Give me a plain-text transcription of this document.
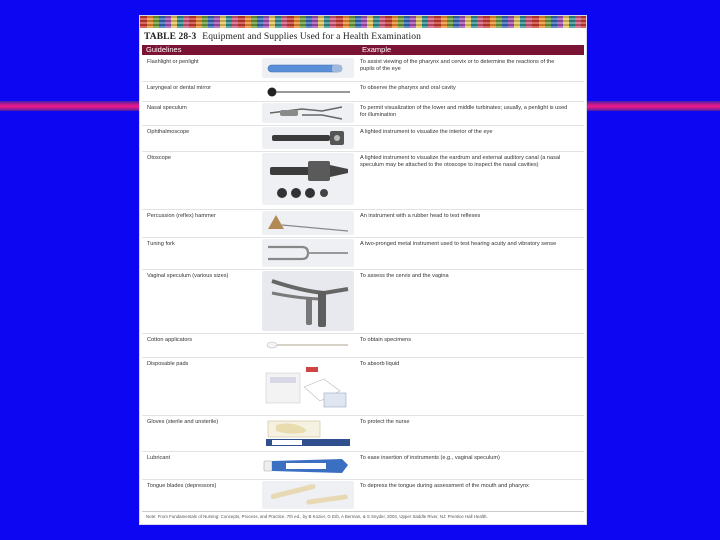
TABLE 28-3 Equipment and Supplies Used for a Health Examination
Guidelines	Example
Flashlight or penlight	To assist viewing of the pharynx and cervix or to determine the reactions of the pupils of the eye
Laryngeal or dental mirror	To observe the pharynx and oral cavity
Nasal speculum	To permit visualization of the lower and middle turbinates; usually, a penlight is used for illumination
Ophthalmoscope	A lighted instrument to visualize the interior of the eye
Otoscope	A lighted instrument to visualize the eardrum and external auditory canal (a nasal speculum may be attached to the otoscope to inspect the nasal cavities)
Percussion (reflex) hammer	An instrument with a rubber head to test reflexes
Tuning fork	A two-pronged metal instrument used to test hearing acuity and vibratory sense
Vaginal speculum (various sizes)	To assess the cervix and the vagina
Cotton applicators	To obtain specimens
Disposable pads	To absorb liquid
Gloves (sterile and unsterile)	To protect the nurse
Lubricant	To ease insertion of instruments (e.g., vaginal speculum)
Tongue blades (depressors)	To depress the tongue during assessment of the mouth and pharynx
Note: From Fundamentals of Nursing: Concepts, Process, and Practice, 7th ed., by B Kozier, G Erb, A Berman, & S Snyder, 2004, Upper Saddle River, NJ: Prentice Hall Health.
